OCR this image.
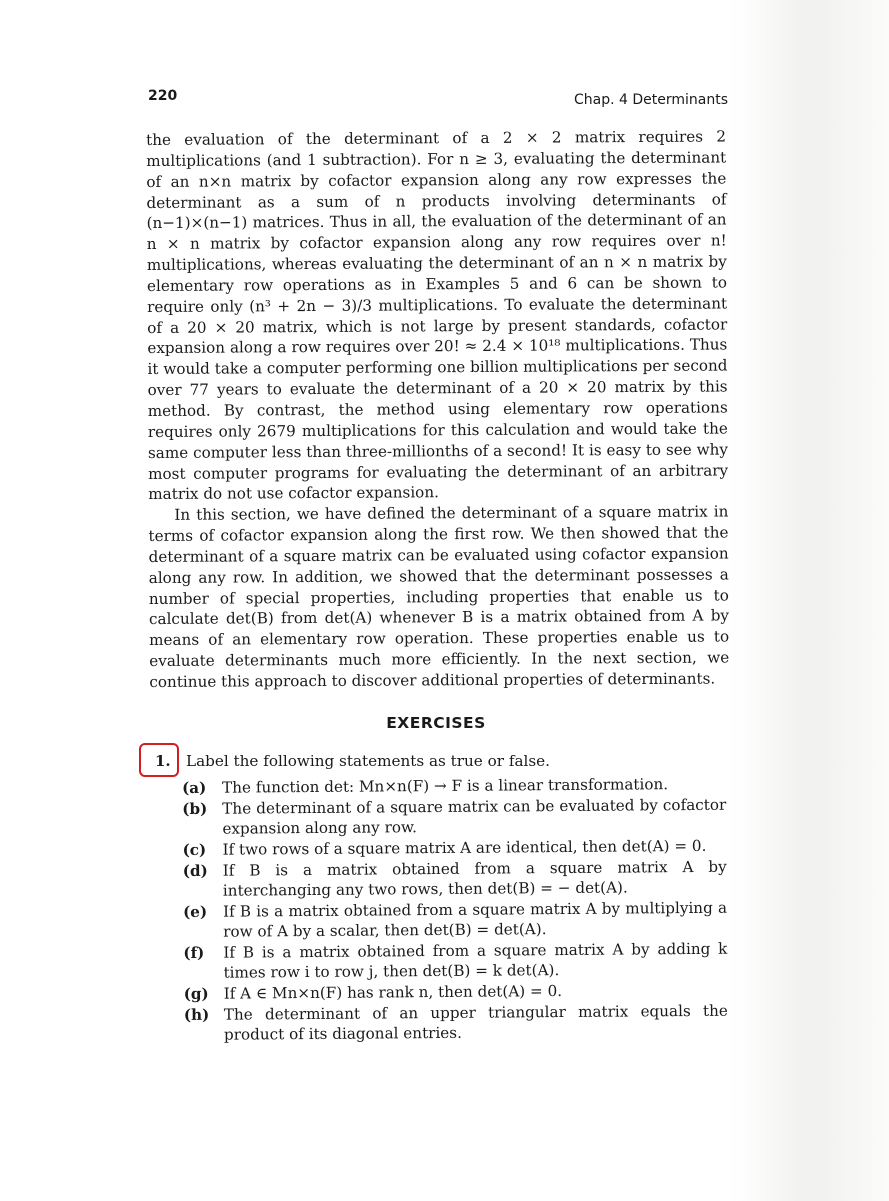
220	Chap. 4 Determinants

the evaluation of the determinant of a 2 × 2 matrix requires 2 multiplications (and 1 subtraction). For n ≥ 3, evaluating the determinant of an n×n matrix by cofactor expansion along any row expresses the determinant as a sum of n products involving determinants of (n−1)×(n−1) matrices. Thus in all, the evaluation of the determinant of an n × n matrix by cofactor expansion along any row requires over n! multiplications, whereas evaluating the determinant of an n × n matrix by elementary row operations as in Examples 5 and 6 can be shown to require only (n³ + 2n − 3)/3 multiplications. To evaluate the determinant of a 20 × 20 matrix, which is not large by present standards, cofactor expansion along a row requires over 20! ≈ 2.4 × 10¹⁸ multiplications. Thus it would take a computer performing one billion multiplications per second over 77 years to evaluate the determinant of a 20 × 20 matrix by this method. By contrast, the method using elementary row operations requires only 2679 multiplications for this calculation and would take the same computer less than three-millionths of a second! It is easy to see why most computer programs for evaluating the determinant of an arbitrary matrix do not use cofactor expansion.

In this section, we have defined the determinant of a square matrix in terms of cofactor expansion along the first row. We then showed that the determinant of a square matrix can be evaluated using cofactor expansion along any row. In addition, we showed that the determinant possesses a number of special properties, including properties that enable us to calculate det(B) from det(A) whenever B is a matrix obtained from A by means of an elementary row operation. These properties enable us to evaluate determinants much more efficiently. In the next section, we continue this approach to discover additional properties of determinants.

EXERCISES
1. Label the following statements as true or false.
(a)	The function det: Mn×n(F) → F is a linear transformation.
(b) The determinant of a square matrix can be evaluated by cofactor expansion along any row.
(c)	If two rows of a square matrix A are identical, then det(A) = 0.
(d) If B is a matrix obtained from a square matrix A by interchanging any two rows, then det(B) = − det(A).
(e)	If B is a matrix obtained from a square matrix A by multiplying a row of A by a scalar, then det(B) = det(A).
(f)	If B is a matrix obtained from a square matrix A by adding k times row i to row j, then det(B) = k det(A).
(g) If A ∈ Mn×n(F) has rank n, then det(A) = 0.
(h) The determinant of an upper triangular matrix equals the product of its diagonal entries.
